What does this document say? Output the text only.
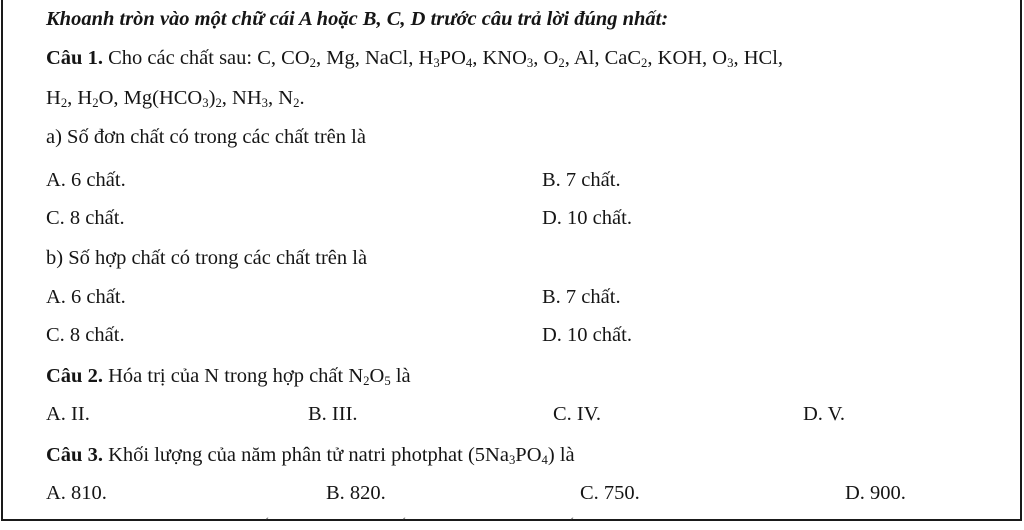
Khoanh tròn vào một chữ cái A hoặc B, C, D trước câu trả lời đúng nhất:
Câu 1. Cho các chất sau: C, $CO_2$, Mg, NaCl, $H_3PO_4$, $KNO_3$, $O_2$, Al, CaC$_2$, KOH, $O_3$, HCl,
$H_2$, $H_2O$, $Mg(HCO_3)_2$, $NH_3$, $N_2$.
a) Số đơn chất có trong các chất trên là
A. 6 chất.	B. 7 chất.
C. 8 chất.	D. 10 chất.
b) Số hợp chất có trong các chất trên là
A. 6 chất.	B. 7 chất.
C. 8 chất.	D. 10 chất.
Câu 2. Hóa trị của N trong hợp chất $N_2O_5$ là
A. II.	B. III.	C. IV.	D. V.
Câu 3. Khối lượng của năm phân tử natri photphat $(5Na_3PO_4)$ là
A. 810.	B. 820.	C. 750.	D. 900.
ˊ	ˊ	ˊ
